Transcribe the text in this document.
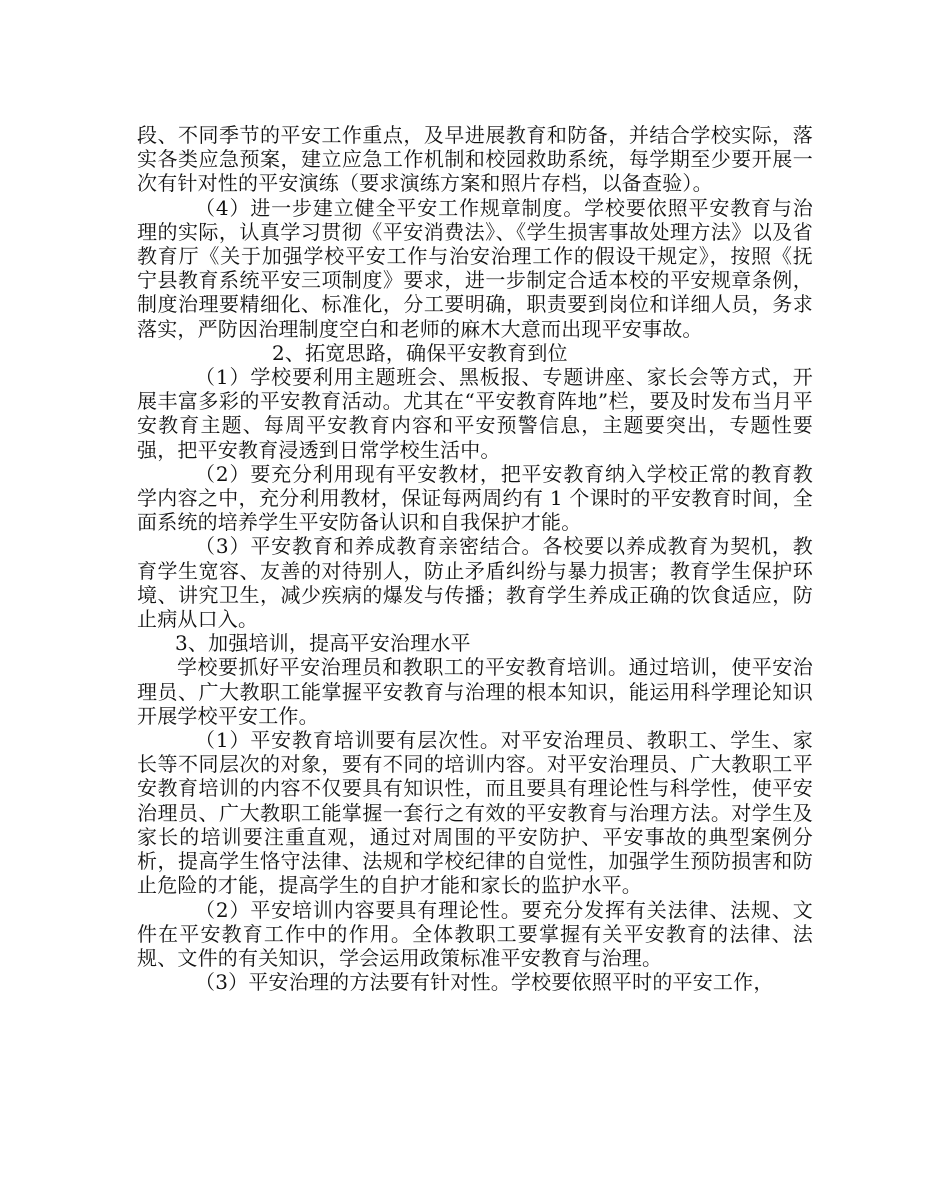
段、不同季节的平安工作重点，及早进展教育和防备，并结合学校实际，落实各类应急预案，建立应急工作机制和校园救助系统，每学期至少要开展一次有针对性的平安演练（要求演练方案和照片存档，以备查验）。

（4）进一步建立健全平安工作规章制度。学校要依照平安教育与治理的实际，认真学习贯彻《平安消费法》、《学生损害事故处理方法》以及省教育厅《关于加强学校平安工作与治安治理工作的假设干规定》，按照《抚宁县教育系统平安三项制度》要求，进一步制定合适本校的平安规章条例，制度治理要精细化、标准化，分工要明确，职责要到岗位和详细人员，务求落实，严防因治理制度空白和老师的麻木大意而出现平安事故。

2、拓宽思路，确保平安教育到位

（1）学校要利用主题班会、黑板报、专题讲座、家长会等方式，开展丰富多彩的平安教育活动。尤其在“平安教育阵地”栏，要及时发布当月平安教育主题、每周平安教育内容和平安预警信息，主题要突出，专题性要强，把平安教育浸透到日常学校生活中。

（2）要充分利用现有平安教材，把平安教育纳入学校正常的教育教学内容之中，充分利用教材，保证每两周约有 1 个课时的平安教育时间，全面系统的培养学生平安防备认识和自我保护才能。

（3）平安教育和养成教育亲密结合。各校要以养成教育为契机，教育学生宽容、友善的对待别人，防止矛盾纠纷与暴力损害；教育学生保护环境、讲究卫生，减少疾病的爆发与传播；教育学生养成正确的饮食适应，防止病从口入。

3、加强培训，提高平安治理水平

学校要抓好平安治理员和教职工的平安教育培训。通过培训，使平安治理员、广大教职工能掌握平安教育与治理的根本知识，能运用科学理论知识开展学校平安工作。

（1）平安教育培训要有层次性。对平安治理员、教职工、学生、家长等不同层次的对象，要有不同的培训内容。对平安治理员、广大教职工平安教育培训的内容不仅要具有知识性，而且要具有理论性与科学性，使平安治理员、广大教职工能掌握一套行之有效的平安教育与治理方法。对学生及家长的培训要注重直观，通过对周围的平安防护、平安事故的典型案例分析，提高学生恪守法律、法规和学校纪律的自觉性，加强学生预防损害和防止危险的才能，提高学生的自护才能和家长的监护水平。

（2）平安培训内容要具有理论性。要充分发挥有关法律、法规、文件在平安教育工作中的作用。全体教职工要掌握有关平安教育的法律、法规、文件的有关知识，学会运用政策标准平安教育与治理。

（3）平安治理的方法要有针对性。学校要依照平时的平安工作，
